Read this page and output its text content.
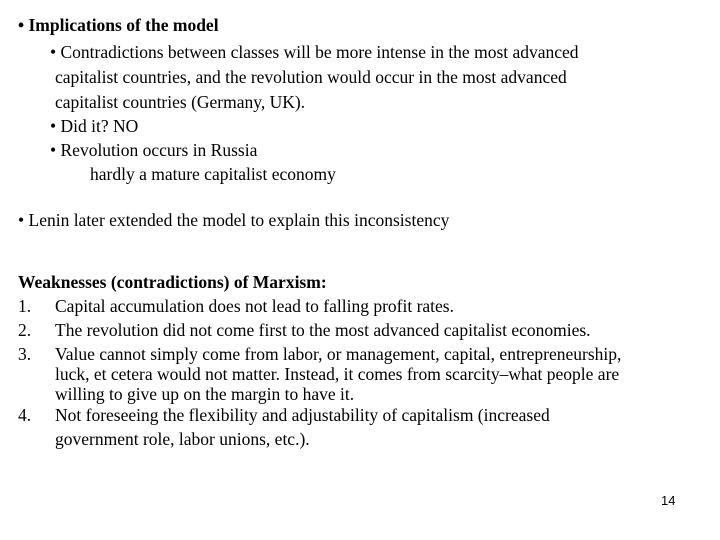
• Implications of the model
• Contradictions between classes will be more intense in the most advanced
capitalist countries, and the revolution would occur in the most advanced
capitalist countries (Germany, UK).
• Did it? NO
• Revolution occurs in Russia
hardly a mature capitalist economy
• Lenin later extended the model to explain this inconsistency
Weaknesses (contradictions) of Marxism:
1. Capital accumulation does not lead to falling profit rates.
2. The revolution did not come first to the most advanced capitalist economies.
3. Value cannot simply come from labor, or management, capital, entrepreneurship,
luck, et cetera would not matter. Instead, it comes from scarcity–what people are
willing to give up on the margin to have it.
4. Not foreseeing the flexibility and adjustability of capitalism (increased
government role, labor unions, etc.).
14
